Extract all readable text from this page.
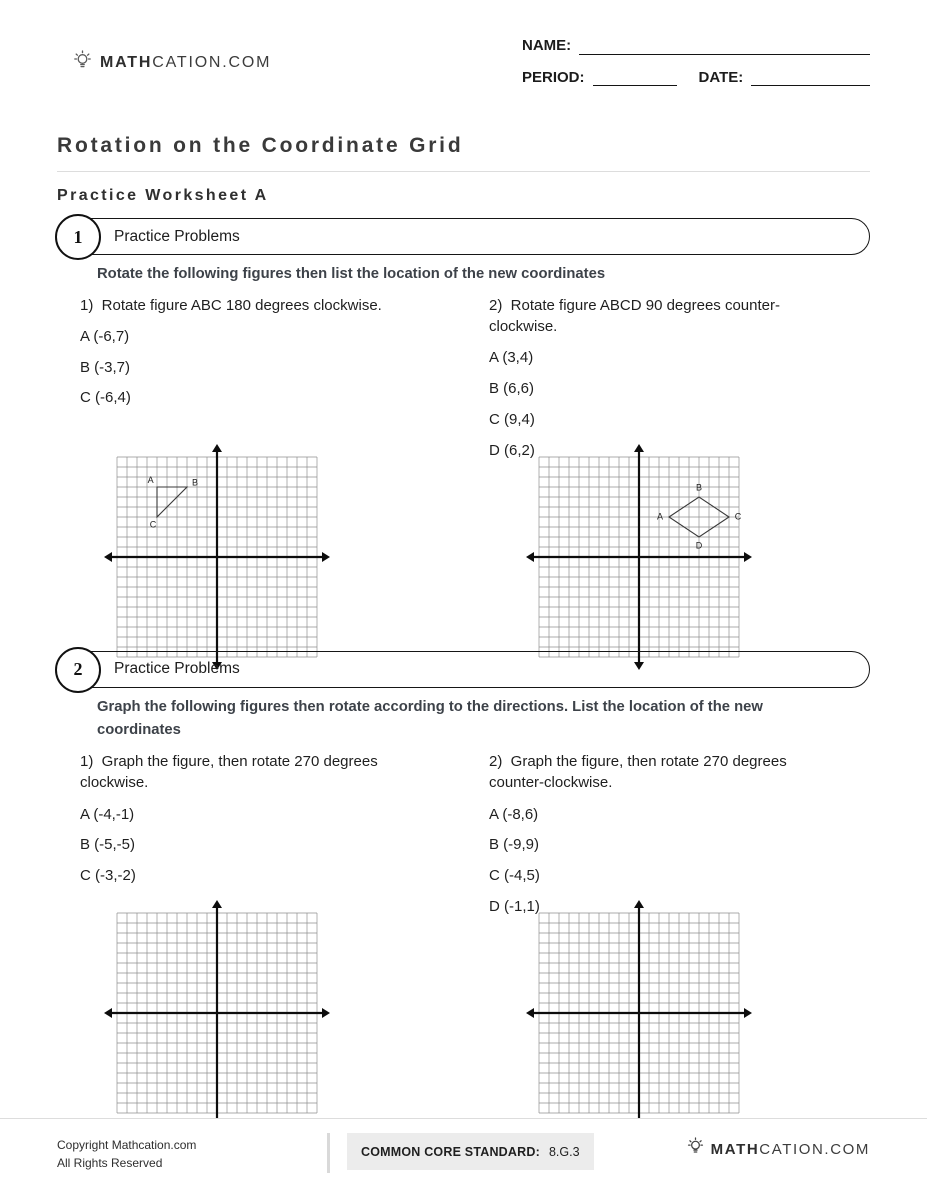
MATHCATION.COM
NAME:
PERIOD:	DATE:
Rotation on the Coordinate Grid
Practice Worksheet A
1	Practice Problems
Rotate the following figures then list the location of the new coordinates
1)  Rotate figure ABC 180 degrees clockwise.
A (-6,7)
B (-3,7)
C (-6,4)
A	B
C
2)  Rotate figure ABCD 90 degrees counter-clockwise.
A (3,4)
B (6,6)
C (9,4)
D (6,2)
A
B
C
D
2	Practice Problems
Graph the following figures then rotate according to the directions. List the location of the new coordinates
1)  Graph the figure, then rotate 270 degrees clockwise.
A (-4,-1)
B (-5,-5)
C (-3,-2)
2)  Graph the figure, then rotate 270 degrees counter-clockwise.
A (-8,6)
B (-9,9)
C (-4,5)
D (-1,1)
Copyright Mathcation.com
All Rights Reserved
COMMON CORE STANDARD: 8.G.3	MATHCATION.COM
